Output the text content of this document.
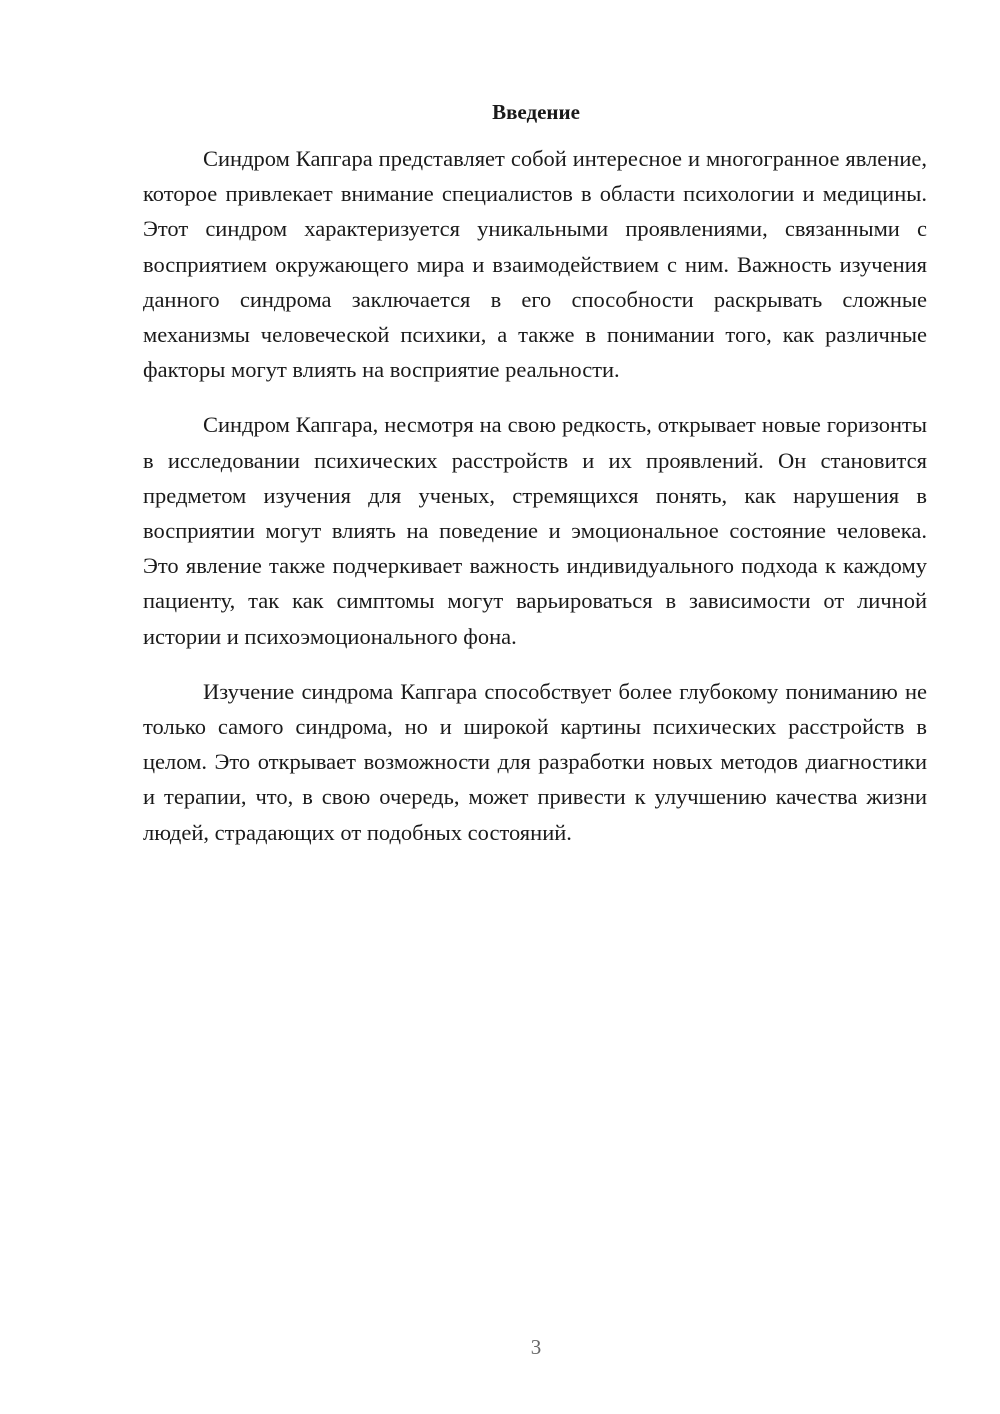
Введение

Синдром Капгара представляет собой интересное и многогранное явление, которое привлекает внимание специалистов в области психологии и медицины. Этот синдром характеризуется уникальными проявлениями, связанными с восприятием окружающего мира и взаимодействием с ним. Важность изучения данного синдрома заключается в его способности раскрывать сложные механизмы человеческой психики, а также в понимании того, как различные факторы могут влиять на восприятие реальности.

Синдром Капгара, несмотря на свою редкость, открывает новые горизонты в исследовании психических расстройств и их проявлений. Он становится предметом изучения для ученых, стремящихся понять, как нарушения в восприятии могут влиять на поведение и эмоциональное состояние человека. Это явление также подчеркивает важность индивидуального подхода к каждому пациенту, так как симптомы могут варьироваться в зависимости от личной истории и психоэмоционального фона.

Изучение синдрома Капгара способствует более глубокому пониманию не только самого синдрома, но и широкой картины психических расстройств в целом. Это открывает возможности для разработки новых методов диагностики и терапии, что, в свою очередь, может привести к улучшению качества жизни людей, страдающих от подобных состояний.

3
